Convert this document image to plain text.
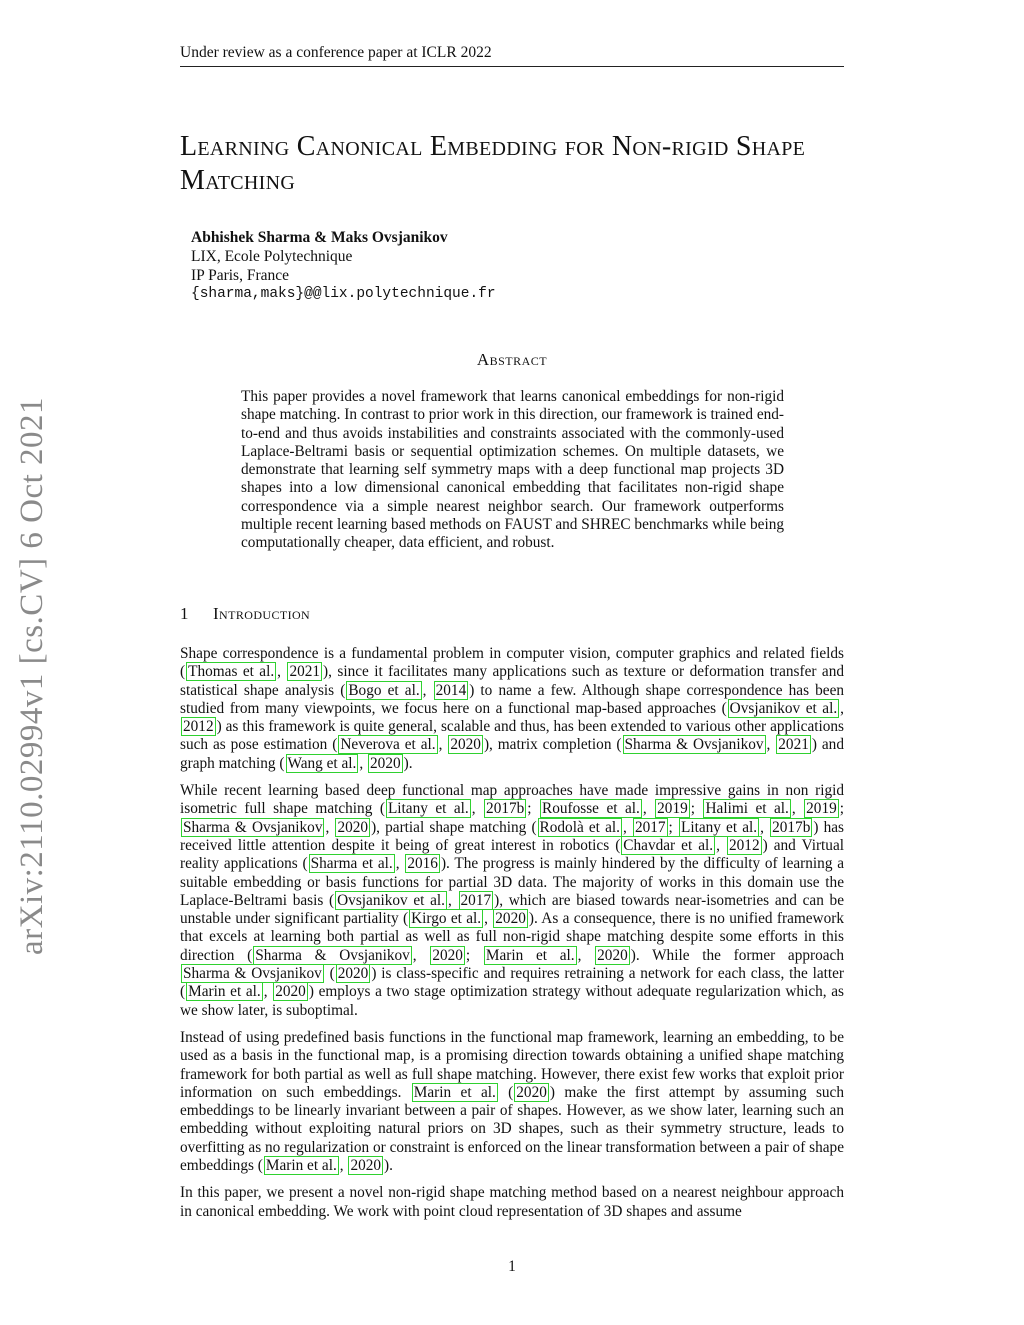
Under review as a conference paper at ICLR 2022
Learning Canonical Embedding for Non-rigid Shape Matching
Abhishek Sharma & Maks Ovsjanikov
LIX, Ecole Polytechnique
IP Paris, France
{sharma,maks}@@lix.polytechnique.fr
arXiv:2110.02994v1 [cs.CV] 6 Oct 2021
Abstract
This paper provides a novel framework that learns canonical embeddings for non-rigid shape matching. In contrast to prior work in this direction, our framework is trained end-to-end and thus avoids instabilities and constraints associated with the commonly-used Laplace-Beltrami basis or sequential optimization schemes. On multiple datasets, we demonstrate that learning self symmetry maps with a deep functional map projects 3D shapes into a low dimensional canonical embedding that facilitates non-rigid shape correspondence via a simple nearest neighbor search. Our framework outperforms multiple recent learning based methods on FAUST and SHREC benchmarks while being computationally cheaper, data efficient, and robust.
1 Introduction

Shape correspondence is a fundamental problem in computer vision, computer graphics and related fields ( Thomas et al. , 2021 ), since it facilitates many applications such as texture or deformation transfer and statistical shape analysis ( Bogo et al. , 2014 ) to name a few. Although shape correspondence has been studied from many viewpoints, we focus here on a functional map-based approaches ( Ovsjanikov et al. , 2012 ) as this framework is quite general, scalable and thus, has been extended to various other applications such as pose estimation ( Neverova et al. , 2020 ), matrix completion ( Sharma & Ovsjanikov , 2021 ) and graph matching ( Wang et al. , 2020 ).

While recent learning based deep functional map approaches have made impressive gains in non rigid isometric full shape matching ( Litany et al. , 2017b ; Roufosse et al. , 2019 ; Halimi et al. , 2019 ; Sharma & Ovsjanikov , 2020 ), partial shape matching ( Rodolà et al. , 2017 ; Litany et al. , 2017b ) has received little attention despite it being of great interest in robotics ( Chavdar et al. , 2012 ) and Virtual reality applications ( Sharma et al. , 2016 ). The progress is mainly hindered by the difficulty of learning a suitable embedding or basis functions for partial 3D data. The majority of works in this domain use the Laplace-Beltrami basis ( Ovsjanikov et al. , 2017 ), which are biased towards near-isometries and can be unstable under significant partiality ( Kirgo et al. , 2020 ). As a consequence, there is no unified framework that excels at learning both partial as well as full non-rigid shape matching despite some efforts in this direction ( Sharma & Ovsjanikov , 2020 ; Marin et al. , 2020 ). While the former approach Sharma & Ovsjanikov ( 2020 ) is class-specific and requires retraining a network for each class, the latter ( Marin et al. , 2020 ) employs a two stage optimization strategy without adequate regularization which, as we show later, is suboptimal.

Instead of using predefined basis functions in the functional map framework, learning an embedding, to be used as a basis in the functional map, is a promising direction towards obtaining a unified shape matching framework for both partial as well as full shape matching. However, there exist few works that exploit prior information on such embeddings. Marin et al. ( 2020 ) make the first attempt by assuming such embeddings to be linearly invariant between a pair of shapes. However, as we show later, learning such an embedding without exploiting natural priors on 3D shapes, such as their symmetry structure, leads to overfitting as no regularization or constraint is enforced on the linear transformation between a pair of shape embeddings ( Marin et al. , 2020 ).

In this paper, we present a novel non-rigid shape matching method based on a nearest neighbour approach in canonical embedding. We work with point cloud representation of 3D shapes and assume

1
